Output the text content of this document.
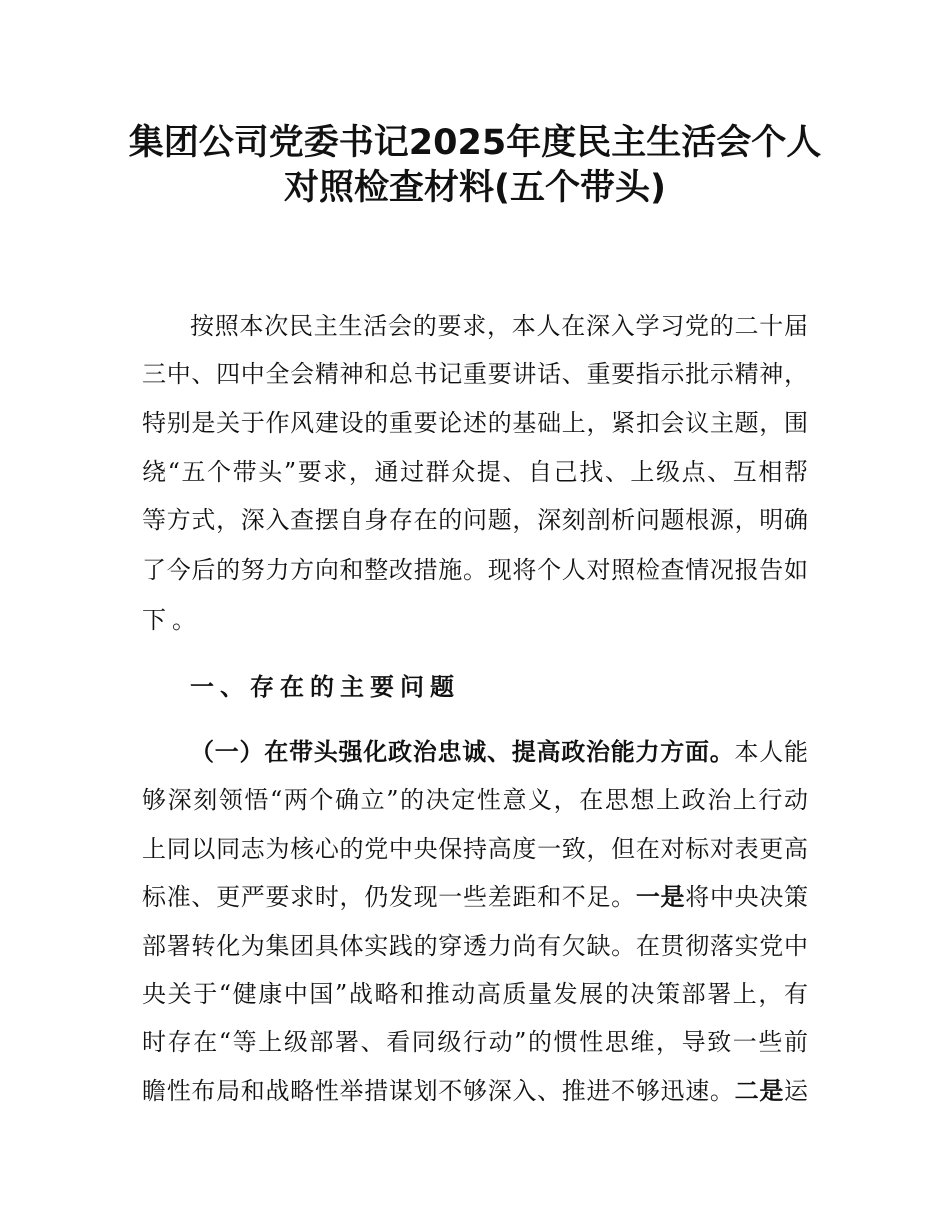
集团公司党委书记2025年度民主生活会个人
对照检查材料(五个带头)
按照本次民主生活会的要求，本人在深入学习党的二十届
三中、四中全会精神和总书记重要讲话、重要指示批示精神，
特别是关于作风建设的重要论述的基础上，紧扣会议主题，围
绕“五个带头”要求，通过群众提、自己找、上级点、互相帮
等方式，深入查摆自身存在的问题，深刻剖析问题根源，明确
了今后的努力方向和整改措施。现将个人对照检查情况报告如
下。
一、存在的主要问题
（一）在带头强化政治忠诚、提高政治能力方面。本人能
够深刻领悟“两个确立”的决定性意义，在思想上政治上行动
上同以同志为核心的党中央保持高度一致，但在对标对表更高
标准、更严要求时，仍发现一些差距和不足。一是将中央决策
部署转化为集团具体实践的穿透力尚有欠缺。在贯彻落实党中
央关于“健康中国”战略和推动高质量发展的决策部署上，有
时存在“等上级部署、看同级行动”的惯性思维，导致一些前
瞻性布局和战略性举措谋划不够深入、推进不够迅速。二是运
